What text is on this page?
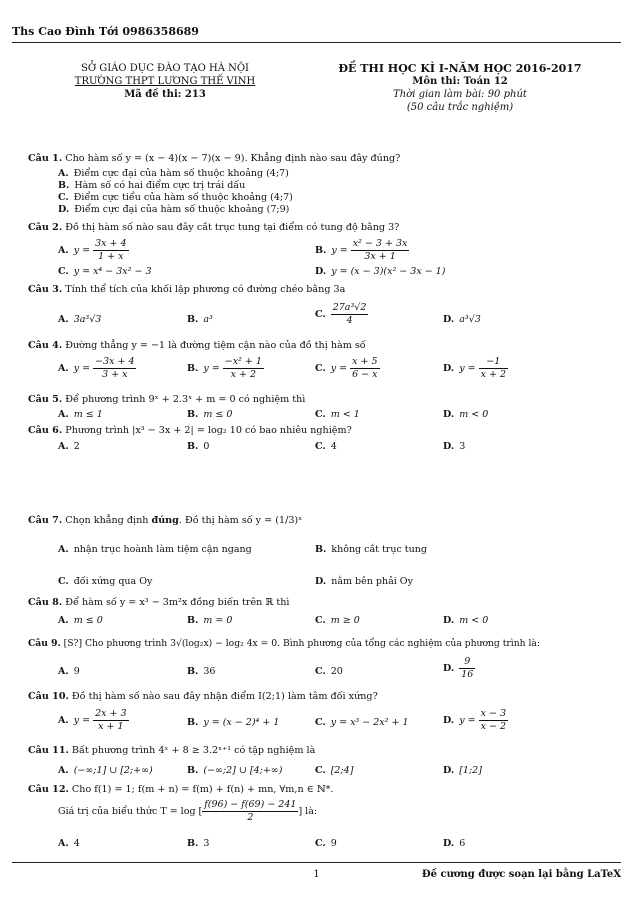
Ths Cao Đình Tới 0986358689
SỞ GIÁO DỤC ĐÀO TẠO HÀ NỘI
TRƯỜNG THPT LƯƠNG THẾ VINH
Mã đề thi: 213
ĐỀ THI HỌC KÌ I-NĂM HỌC 2016-2017
Môn thi: Toán 12
Thời gian làm bài: 90 phút
(50 câu trắc nghiệm)
Câu 1. Cho hàm số y = (x − 4)(x − 7)(x − 9). Khẳng định nào sau đây đúng?
A. Điểm cực đại của hàm số thuộc khoảng (4;7)
B. Hàm số có hai điểm cực trị trái dấu
C. Điểm cực tiểu của hàm số thuộc khoảng (4;7)
D. Điểm cực đại của hàm số thuộc khoảng (7;9)
Câu 2. Đồ thị hàm số nào sau đây cắt trục tung tại điểm có tung độ bằng 3?
A. $y = \frac{3x + 4}{1 + x}$	B. $y = \frac{\text{x² − 3 + 3x}}{3x + 1}$
C. y = x⁴ − 3x² − 3	D. y = (x − 3)(x² − 3x − 1)
Câu 3. Tính thể tích của khối lập phương có đường chéo bằng 3a
A. 3a³√3	B. a³	C. $\frac{\text{27a³√2}}{4}$	D. a³√3
Câu 4. Đường thẳng y = −1 là đường tiệm cận nào của đồ thị hàm số
A. $y = \frac{-3x + 4}{3 + x}$	B. $y = \frac{\text{−x² + 1}}{x + 2}$	C. $y = \frac{x + 5}{6 - x}$	D. $y = \frac{-1}{x + 2}$
Câu 5. Để phương trình 9ˣ + 2.3ˣ + m = 0 có nghiệm thì
A. m ≤ 1	B. m ≤ 0	C. m < 1	D. m < 0
Câu 6. Phương trình |x³ − 3x + 2| = log₂ 10 có bao nhiêu nghiệm?
A. 2	B. 0	C. 4	D. 3
Câu 7. Chọn khẳng định đúng. Đồ thị hàm số y = (1/3)ˣ
A. nhận trục hoành làm tiệm cận ngang	B. không cắt trục tung
C. đối xứng qua Oy	D. nằm bên phải Oy
Câu 8. Để hàm số y = x³ − 3m²x đồng biến trên ℝ thì
A. m ≤ 0	B. m = 0	C. m ≥ 0	D. m < 0
Câu 9. [S?] Cho phương trình 3√(log₂x) − log₂ 4x = 0. Bình phương của tổng các nghiệm của phương trình là:
A. 9	B. 36	C. 20	D. $\frac{9}{16}$
Câu 10. Đồ thị hàm số nào sau đây nhận điểm I(2;1) làm tâm đối xứng?
A. $y = \frac{2x + 3}{x + 1}$	B. y = (x − 2)⁴ + 1	C. y = x³ − 2x² + 1	D. $y = \frac{x - 3}{x - 2}$
Câu 11. Bất phương trình 4ˣ + 8 ≥ 3.2ˣ⁺¹ có tập nghiệm là
A. (−∞;1] ∪ [2;+∞)	B. (−∞;2] ∪ [4;+∞)	C. [2;4]	D. [1;2]
Câu 12. Cho f(1) = 1; f(m + n) = f(m) + f(n) + mn, ∀m,n ∈ ℕ*.
Giá trị của biểu thức T = log [ $\frac{f(96) - f(69) - 241}{2}$ ] là:
A. 4	B. 3	C. 9	D. 6
1	Đề cương được soạn lại bằng LaTeX
